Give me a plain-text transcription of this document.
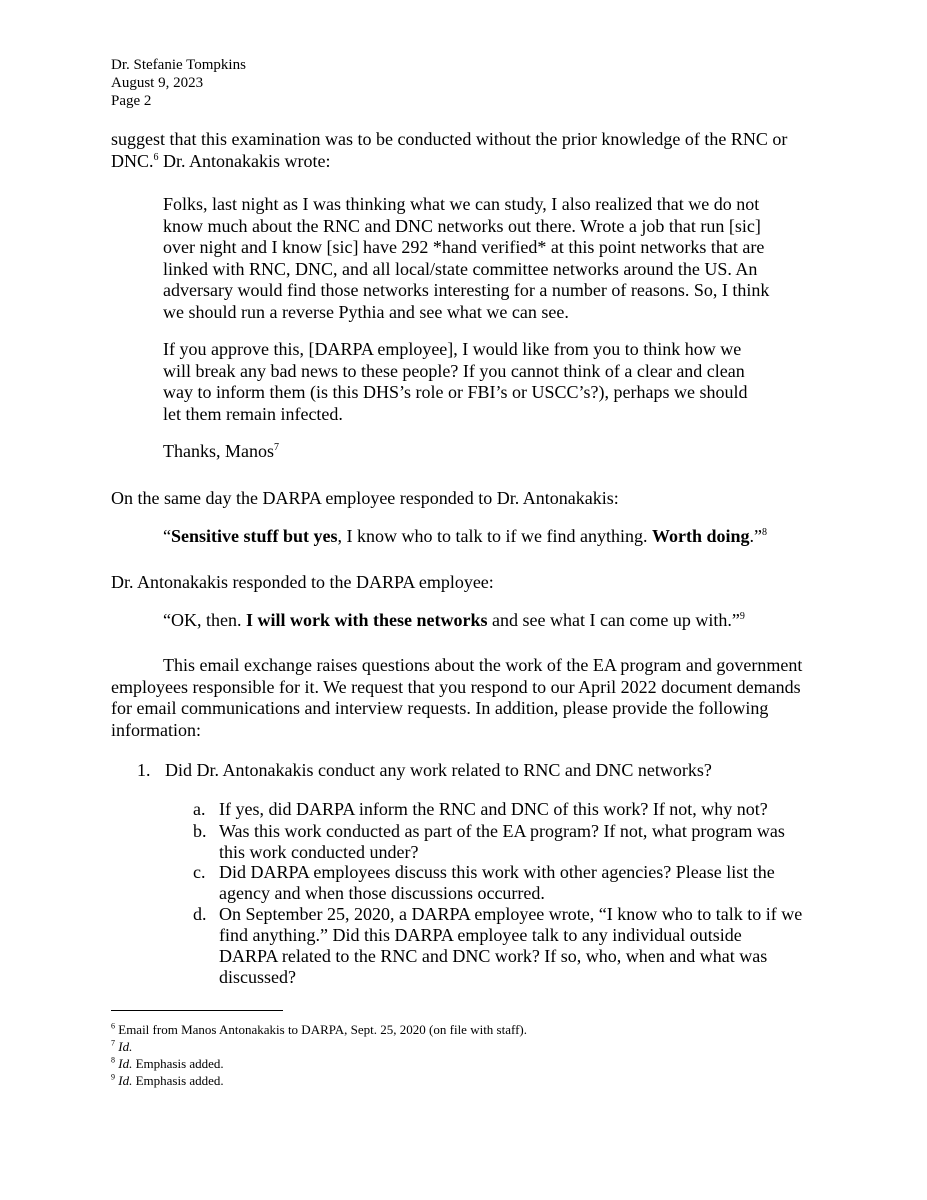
Dr. Stefanie Tompkins
August 9, 2023
Page 2
suggest that this examination was to be conducted without the prior knowledge of the RNC or
DNC.$^6$ Dr. Antonakakis wrote:
Folks, last night as I was thinking what we can study, I also realized that we do not
know much about the RNC and DNC networks out there. Wrote a job that run [sic]
over night and I know [sic] have 292 *hand verified* at this point networks that are
linked with RNC, DNC, and all local/state committee networks around the US. An
adversary would find those networks interesting for a number of reasons. So, I think
we should run a reverse Pythia and see what we can see.
If you approve this, [DARPA employee], I would like from you to think how we
will break any bad news to these people? If you cannot think of a clear and clean
way to inform them (is this DHS’s role or FBI’s or USCC’s?), perhaps we should
let them remain infected.
Thanks, Manos$^7$
On the same day the DARPA employee responded to Dr. Antonakakis:
“Sensitive stuff but yes, I know who to talk to if we find anything. Worth doing.”$^8$
Dr. Antonakakis responded to the DARPA employee:
“OK, then. I will work with these networks and see what I can come up with.”$^9$
This email exchange raises questions about the work of the EA program and government
employees responsible for it. We request that you respond to our April 2022 document demands
for email communications and interview requests. In addition, please provide the following
information:
1. Did Dr. Antonakakis conduct any work related to RNC and DNC networks?
a. If yes, did DARPA inform the RNC and DNC of this work? If not, why not?
b. Was this work conducted as part of the EA program? If not, what program was
this work conducted under?
c. Did DARPA employees discuss this work with other agencies? Please list the
agency and when those discussions occurred.
d. On September 25, 2020, a DARPA employee wrote, “I know who to talk to if we
find anything.” Did this DARPA employee talk to any individual outside
DARPA related to the RNC and DNC work? If so, who, when and what was
discussed?
$^6$ Email from Manos Antonakakis to DARPA, Sept. 25, 2020 (on file with staff).
$^7$ Id.
$^8$ Id. Emphasis added.
$^9$ Id. Emphasis added.
